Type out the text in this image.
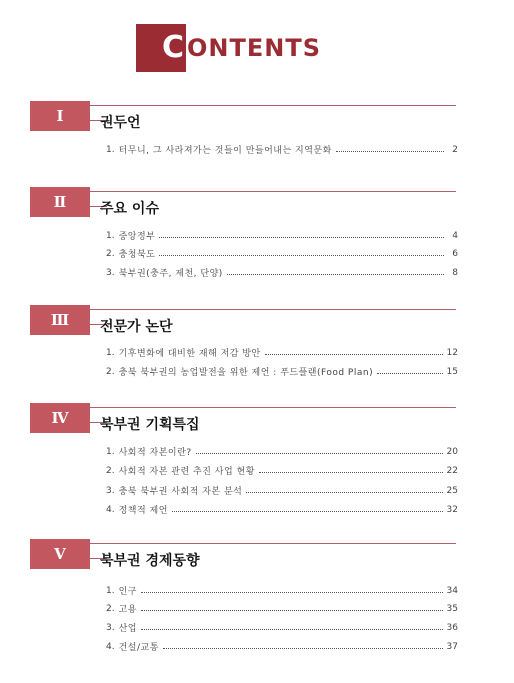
C ONTENTS
Ⅰ	권두언
1. 터무니, 그 사라져가는 것들이 만들어내는 지역문화	2
Ⅱ	주요 이슈
1. 중앙정부	4
2. 충청북도	6
3. 북부권(충주, 제천, 단양)	8
Ⅲ	전문가 논단
1. 기후변화에 대비한 재해 저감 방안	12
2. 충북 북부권의 농업발전을 위한 제언 : 푸드플랜(Food Plan)	15
Ⅳ	북부권 기획특집
1. 사회적 자본이란?	20
2. 사회적 자본 관련 추진 사업 현황	22
3. 충북 북부권 사회적 자본 분석	25
4. 정책적 제언	32
Ⅴ	북부권 경제동향
1. 인구	34
2. 고용	35
3. 산업	36
4. 건설/교통	37
